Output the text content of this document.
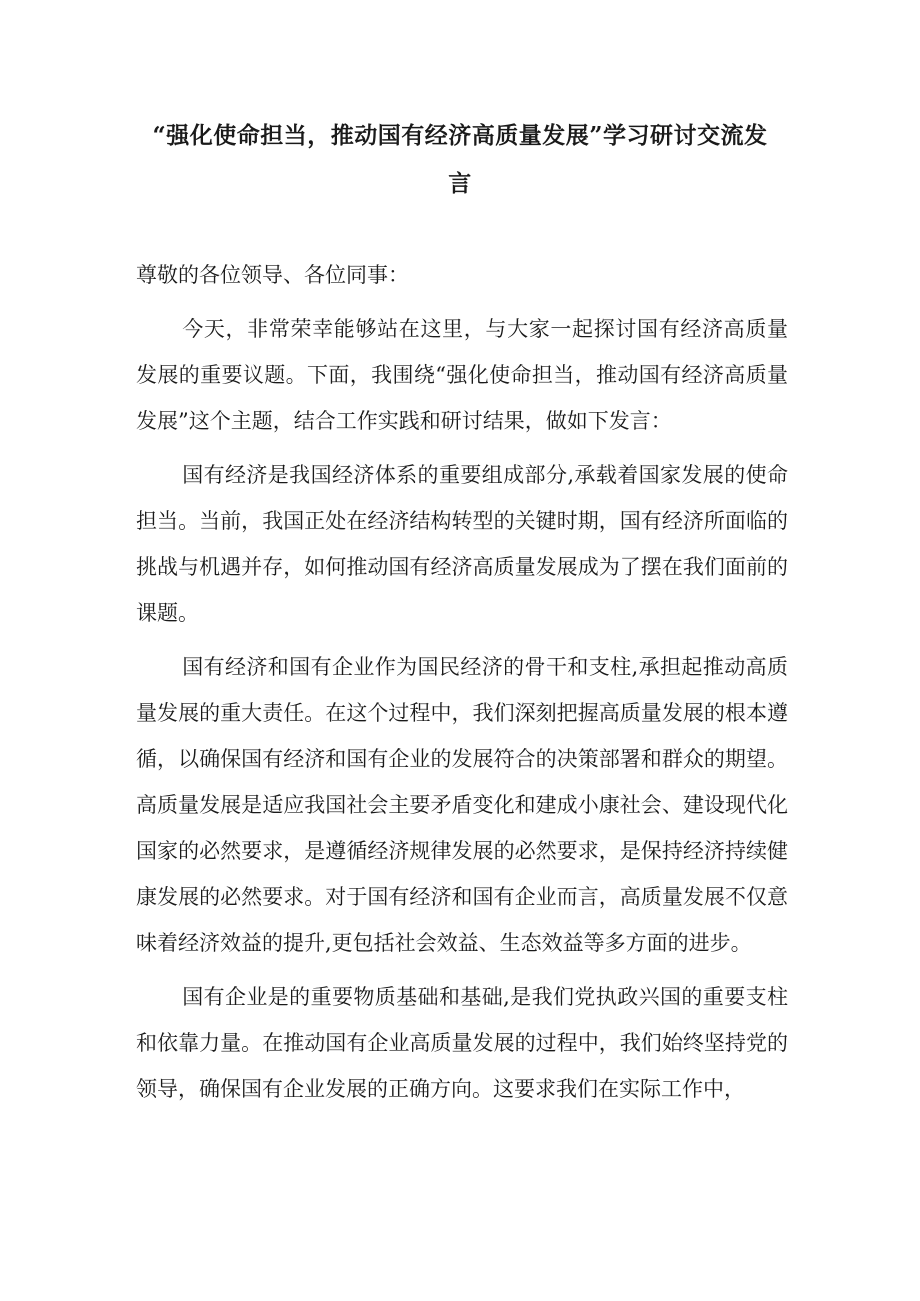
“强化使命担当，推动国有经济高质量发展”学习研讨交流发
言

尊敬的各位领导、各位同事：

今天，非常荣幸能够站在这里，与大家一起探讨国有经济高质量发展的重要议题。下面，我围绕“强化使命担当，推动国有经济高质量发展”这个主题，结合工作实践和研讨结果，做如下发言：

国有经济是我国经济体系的重要组成部分,承载着国家发展的使命担当。当前，我国正处在经济结构转型的关键时期，国有经济所面临的挑战与机遇并存，如何推动国有经济高质量发展成为了摆在我们面前的课题。

国有经济和国有企业作为国民经济的骨干和支柱,承担起推动高质量发展的重大责任。在这个过程中，我们深刻把握高质量发展的根本遵循，以确保国有经济和国有企业的发展符合的决策部署和群众的期望。高质量发展是适应我国社会主要矛盾变化和建成小康社会、建设现代化国家的必然要求，是遵循经济规律发展的必然要求，是保持经济持续健康发展的必然要求。对于国有经济和国有企业而言，高质量发展不仅意味着经济效益的提升,更包括社会效益、生态效益等多方面的进步。

国有企业是的重要物质基础和基础,是我们党执政兴国的重要支柱和依靠力量。在推动国有企业高质量发展的过程中，我们始终坚持党的领导，确保国有企业发展的正确方向。这要求我们在实际工作中，
